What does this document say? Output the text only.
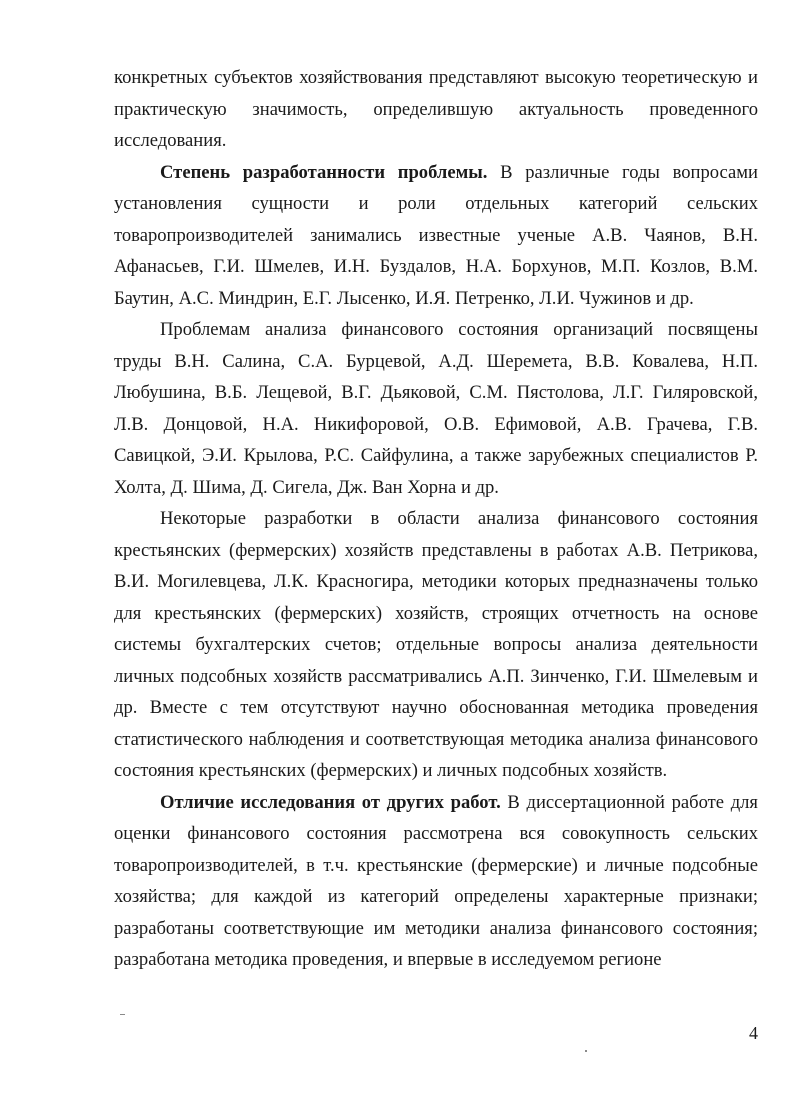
конкретных субъектов хозяйствования представляют высокую теоретическую и практическую значимость, определившую актуальность проведенного исследования.

Степень разработанности проблемы. В различные годы вопросами установления сущности и роли отдельных категорий сельских товаропроизводителей занимались известные ученые А.В. Чаянов, В.Н. Афанасьев, Г.И. Шмелев, И.Н. Буздалов, Н.А. Борхунов, М.П. Козлов, В.М. Баутин, А.С. Миндрин, Е.Г. Лысенко, И.Я. Петренко, Л.И. Чужинов и др.

Проблемам анализа финансового состояния организаций посвящены труды В.Н. Салина, С.А. Бурцевой, А.Д. Шеремета, В.В. Ковалева, Н.П. Любушина, В.Б. Лещевой, В.Г. Дьяковой, С.М. Пястолова, Л.Г. Гиляровской, Л.В. Донцовой, Н.А. Никифоровой, О.В. Ефимовой, А.В. Грачева, Г.В. Савицкой, Э.И. Крылова, Р.С. Сайфулина, а также зарубежных специалистов Р. Холта, Д. Шима, Д. Сигела, Дж. Ван Хорна и др.

Некоторые разработки в области анализа финансового состояния крестьянских (фермерских) хозяйств представлены в работах А.В. Петрикова, В.И. Могилевцева, Л.К. Красногира, методики которых предназначены только для крестьянских (фермерских) хозяйств, строящих отчетность на основе системы бухгалтерских счетов; отдельные вопросы анализа деятельности личных подсобных хозяйств рассматривались А.П. Зинченко, Г.И. Шмелевым и др. Вместе с тем отсутствуют научно обоснованная методика проведения статистического наблюдения и соответствующая методика анализа финансового состояния крестьянских (фермерских) и личных подсобных хозяйств.

Отличие исследования от других работ. В диссертационной работе для оценки финансового состояния рассмотрена вся совокупность сельских товаропроизводителей, в т.ч. крестьянские (фермерские) и личные подсобные хозяйства; для каждой из категорий определены характерные признаки; разработаны соответствующие им методики анализа финансового состояния; разработана методика проведения, и впервые в исследуемом регионе

4
